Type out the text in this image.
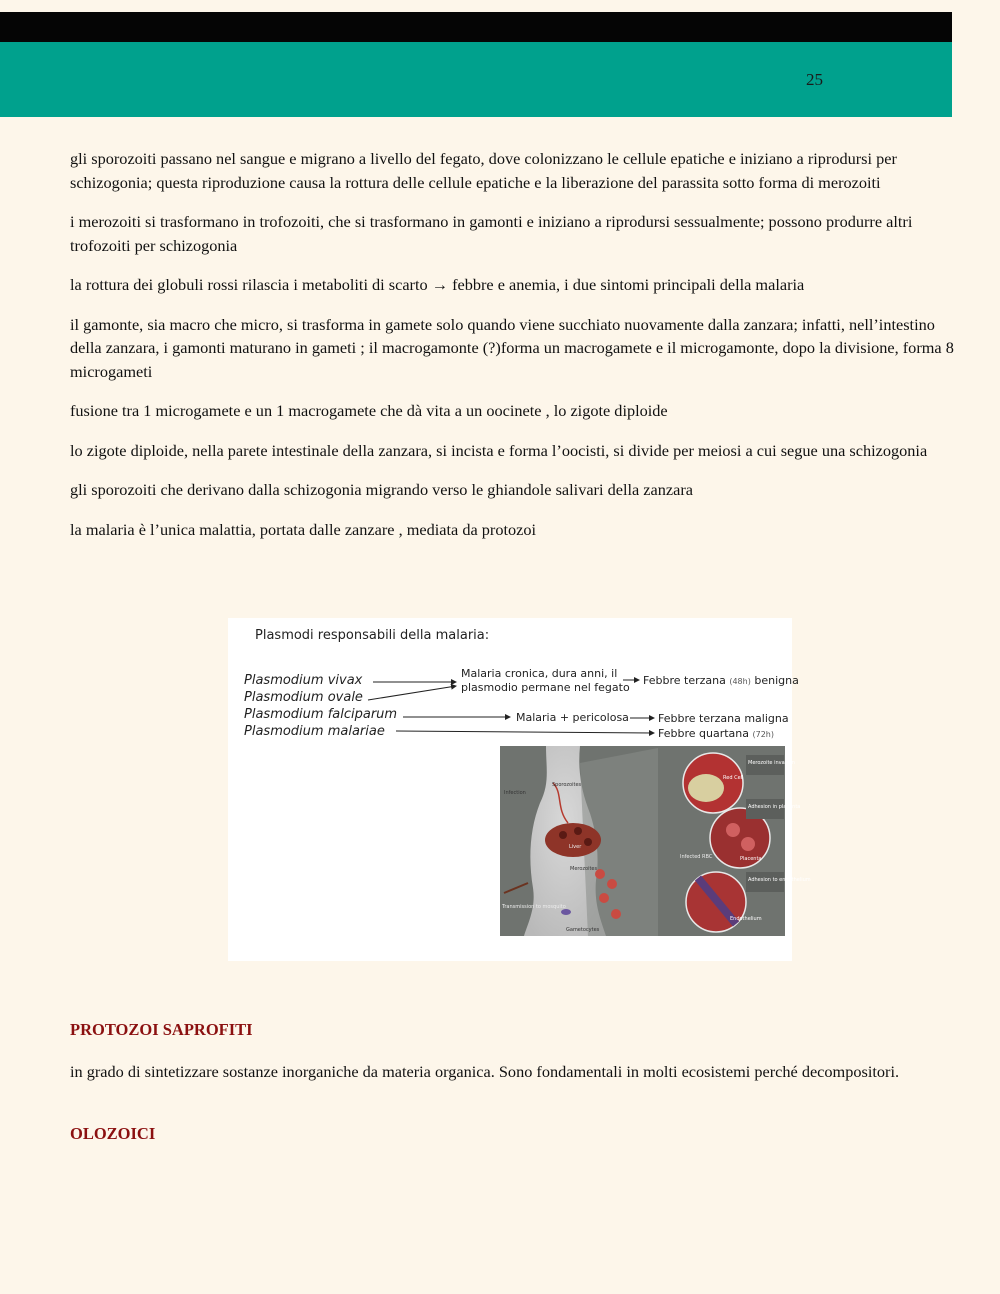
25

gli sporozoiti passano nel sangue e migrano a livello del fegato, dove colonizzano le cellule epatiche e iniziano a riprodursi per schizogonia; questa riproduzione causa la rottura delle cellule epatiche e la liberazione del parassita sotto forma di merozoiti

i merozoiti si trasformano in trofozoiti, che si trasformano in gamonti e iniziano a riprodursi sessualmente; possono produrre altri trofozoiti per schizogonia

la rottura dei globuli rossi rilascia i metaboliti di scarto → febbre e anemia, i due sintomi principali della malaria

il gamonte, sia macro che micro, si trasforma in gamete solo quando viene succhiato nuovamente dalla zanzara; infatti, nell’intestino della zanzara, i gamonti maturano in gameti ; il macrogamonte (?)forma un macrogamete e il microgamonte, dopo la divisione, forma 8 microgameti

fusione tra 1 microgamete e un 1 macrogamete che dà vita a un oocinete , lo zigote diploide

lo zigote diploide, nella parete intestinale della zanzara, si incista e forma l’oocisti, si divide per meiosi a cui segue una schizogonia

gli sporozoiti che derivano dalla schizogonia migrando verso le ghiandole salivari della zanzara

la malaria è l’unica malattia, portata dalle zanzare , mediata da protozoi

Plasmodi responsabili della malaria:
Plasmodium vivax
Plasmodium ovale
Plasmodium falciparum
Plasmodium malariae
Malaria cronica, dura anni, il
plasmodio permane nel fegato
Febbre terzana (48h) benigna
Malaria + pericolosa	Febbre terzana maligna
Febbre quartana (72h)
Infection
Sporozoites
Liver
Merozoites
Gametocytes
Transmission to mosquito
Merozoite invasion
Red Cell
Adhesion in placenta
Placenta
Infected RBC
Adhesion to endothelium
Endothelium
PROTOZOI SAPROFITI

in grado di sintetizzare sostanze inorganiche da materia organica. Sono fondamentali in molti ecosistemi perché decompositori.

OLOZOICI
